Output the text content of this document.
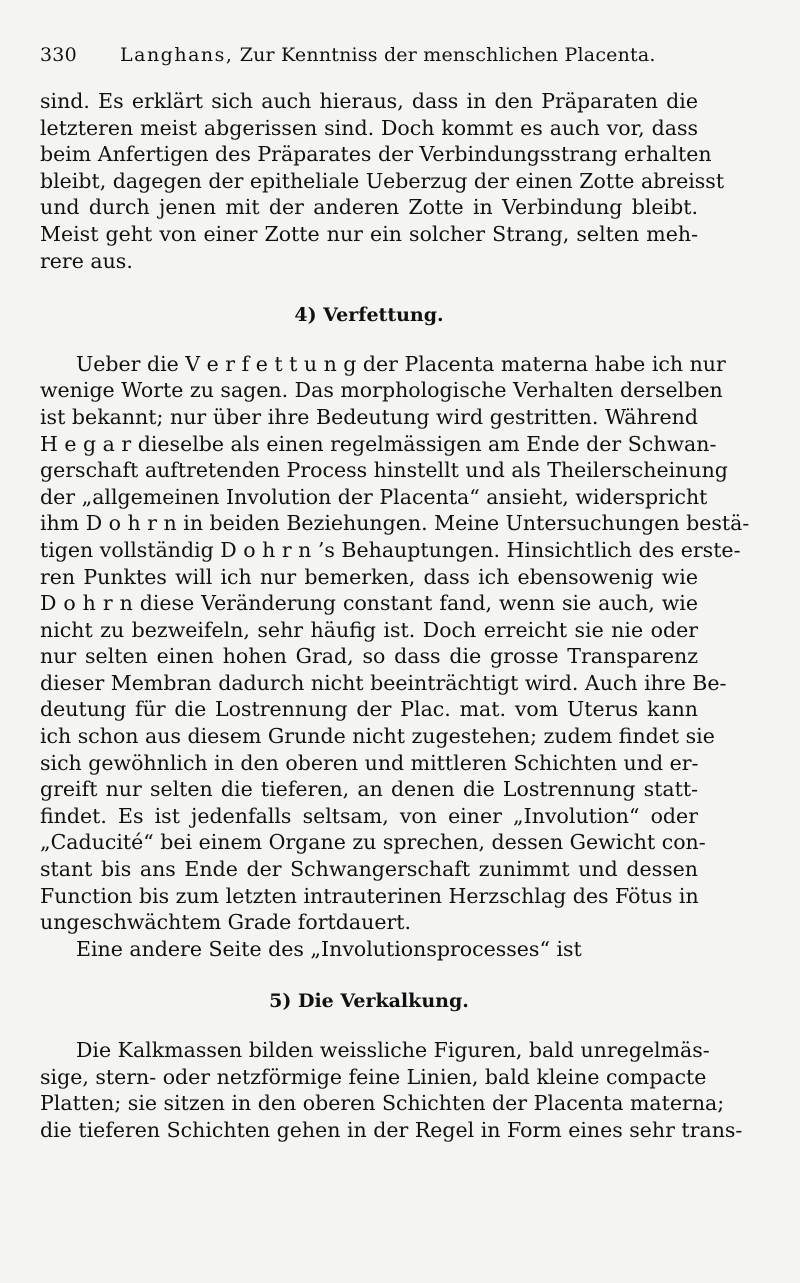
330 Langhans, Zur Kenntniss der menschlichen Placenta.
sind. Es erklärt sich auch hieraus, dass in den Präparaten die
letzteren meist abgerissen sind. Doch kommt es auch vor, dass
beim Anfertigen des Präparates der Verbindungsstrang erhalten
bleibt, dagegen der epitheliale Ueberzug der einen Zotte abreisst
und durch jenen mit der anderen Zotte in Verbindung bleibt.
Meist geht von einer Zotte nur ein solcher Strang, selten meh-
rere aus.
4) Verfettung.
Ueber die V e r f e t t u n g der Placenta materna habe ich nur
wenige Worte zu sagen. Das morphologische Verhalten derselben
ist bekannt; nur über ihre Bedeutung wird gestritten. Während
H e g a r dieselbe als einen regelmässigen am Ende der Schwan-
gerschaft auftretenden Process hinstellt und als Theilerscheinung
der „allgemeinen Involution der Placenta“ ansieht, widerspricht
ihm D o h r n in beiden Beziehungen. Meine Untersuchungen bestä-
tigen vollständig D o h r n ’s Behauptungen. Hinsichtlich des erste-
ren Punktes will ich nur bemerken, dass ich ebensowenig wie
D o h r n diese Veränderung constant fand, wenn sie auch, wie
nicht zu bezweifeln, sehr häufig ist. Doch erreicht sie nie oder
nur selten einen hohen Grad, so dass die grosse Transparenz
dieser Membran dadurch nicht beeinträchtigt wird. Auch ihre Be-
deutung für die Lostrennung der Plac. mat. vom Uterus kann
ich schon aus diesem Grunde nicht zugestehen; zudem findet sie
sich gewöhnlich in den oberen und mittleren Schichten und er-
greift nur selten die tieferen, an denen die Lostrennung statt-
findet. Es ist jedenfalls seltsam, von einer „Involution“ oder
„Caducité“ bei einem Organe zu sprechen, dessen Gewicht con-
stant bis ans Ende der Schwangerschaft zunimmt und dessen
Function bis zum letzten intrauterinen Herzschlag des Fötus in
ungeschwächtem Grade fortdauert.
Eine andere Seite des „Involutionsprocesses“ ist
5) Die Verkalkung.
Die Kalkmassen bilden weissliche Figuren, bald unregelmäs-
sige, stern- oder netzförmige feine Linien, bald kleine compacte
Platten; sie sitzen in den oberen Schichten der Placenta materna;
die tieferen Schichten gehen in der Regel in Form eines sehr trans-
